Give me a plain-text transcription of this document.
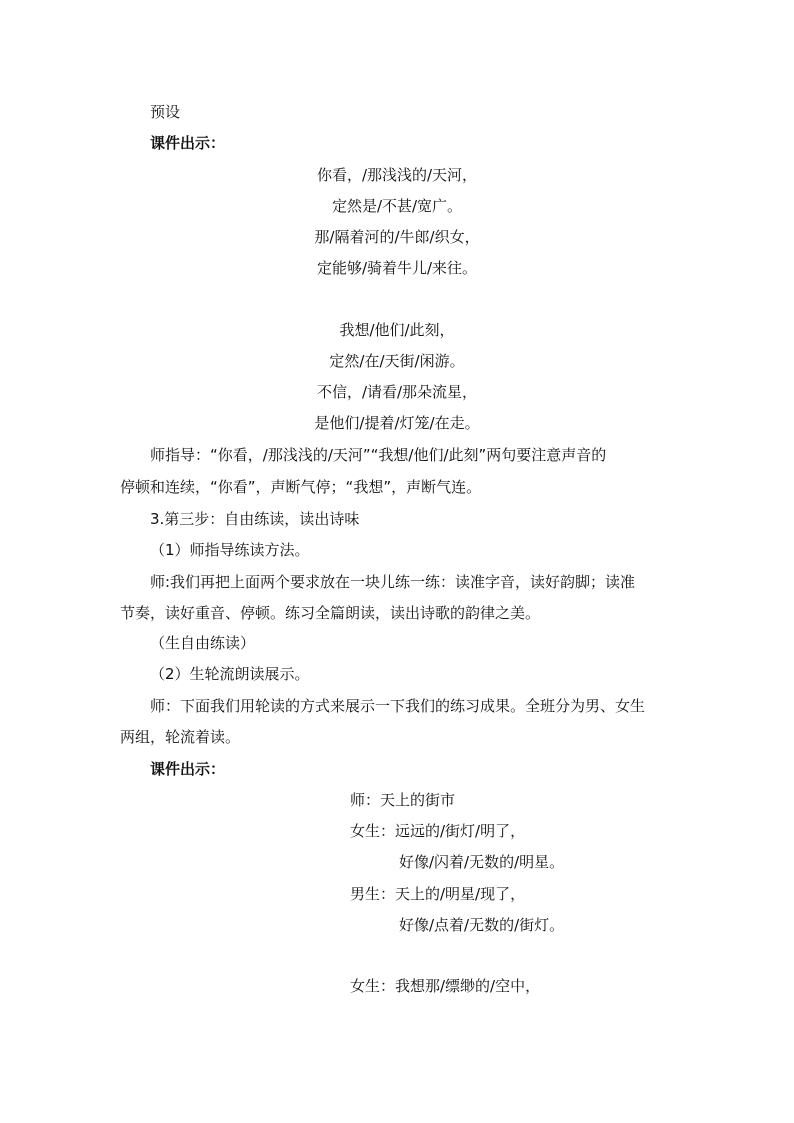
预设
课件出示：
你看，/那浅浅的/天河，
定然是/不甚/宽广。
那/隔着河的/牛郎/织女，
定能够/骑着牛儿/来往。
我想/他们/此刻，
定然/在/天街/闲游。
不信，/请看/那朵流星，
是他们/提着/灯笼/在走。
师指导：“你看，/那浅浅的/天河”“我想/他们/此刻”两句要注意声音的
停顿和连续，“你看”，声断气停；“我想”，声断气连。
3.第三步：自由练读，读出诗味
（1）师指导练读方法。
师:我们再把上面两个要求放在一块儿练一练：读准字音，读好韵脚；读准
节奏，读好重音、停顿。练习全篇朗读，读出诗歌的韵律之美。
（生自由练读）
（2）生轮流朗读展示。
师：下面我们用轮读的方式来展示一下我们的练习成果。全班分为男、女生
两组，轮流着读。
课件出示：
师：天上的街市
女生：远远的/街灯/明了，
好像/闪着/无数的/明星。
男生：天上的/明星/现了，
好像/点着/无数的/街灯。
女生：我想那/缥缈的/空中，
